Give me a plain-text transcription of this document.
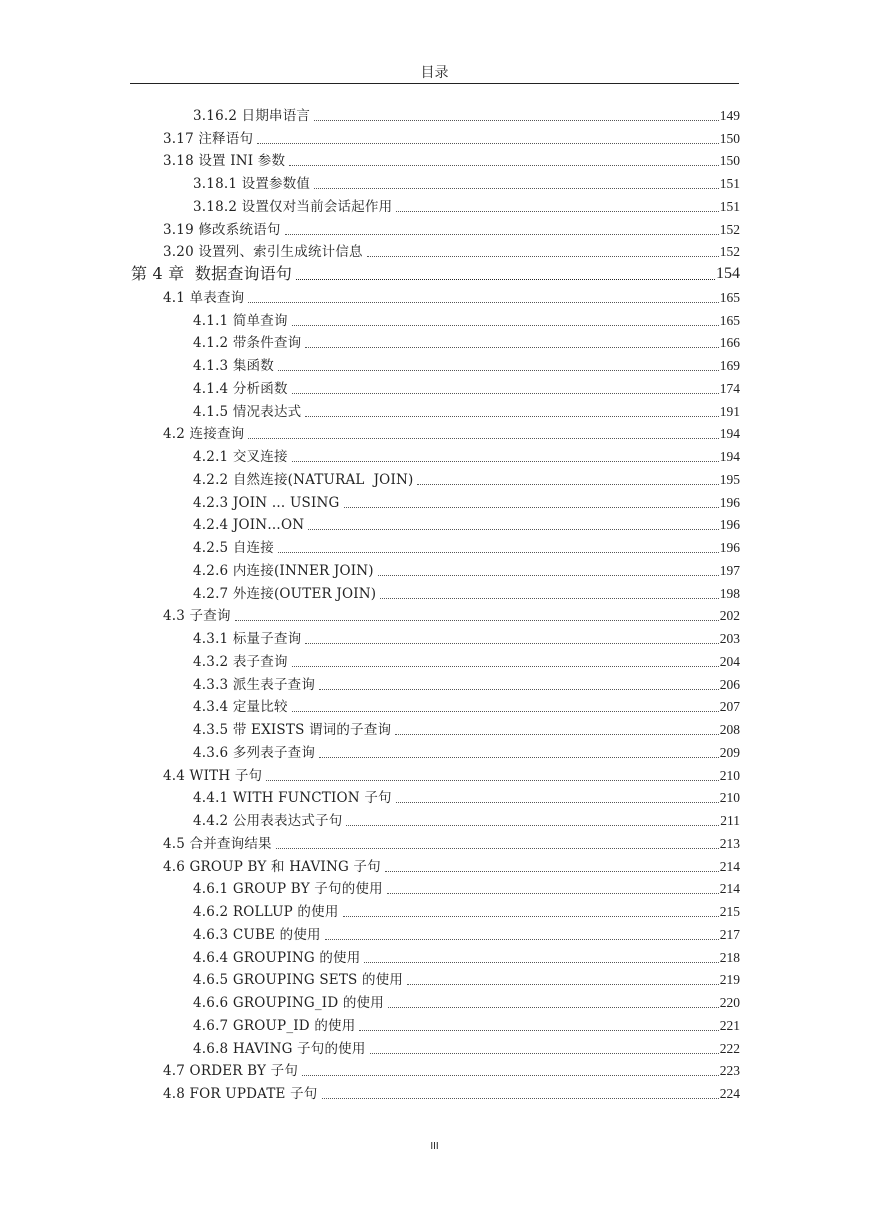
目录
3.16.2 日期串语言	149
3.17 注释语句	150
3.18 设置 INI 参数	150
3.18.1 设置参数值	151
3.18.2 设置仅对当前会话起作用	151
3.19 修改系统语句	152
3.20 设置列、索引生成统计信息	152
第 4 章  数据查询语句	154
4.1 单表查询	165
4.1.1 简单查询	165
4.1.2 带条件查询	166
4.1.3 集函数	169
4.1.4 分析函数	174
4.1.5 情况表达式	191
4.2 连接查询	194
4.2.1 交叉连接	194
4.2.2 自然连接(NATURAL  JOIN)	195
4.2.3 JOIN … USING	196
4.2.4 JOIN…ON	196
4.2.5 自连接	196
4.2.6 内连接(INNER JOIN)	197
4.2.7 外连接(OUTER JOIN)	198
4.3 子查询	202
4.3.1 标量子查询	203
4.3.2 表子查询	204
4.3.3 派生表子查询	206
4.3.4 定量比较	207
4.3.5 带 EXISTS 谓词的子查询	208
4.3.6 多列表子查询	209
4.4 WITH 子句	210
4.4.1 WITH FUNCTION 子句	210
4.4.2 公用表表达式子句	211
4.5 合并查询结果	213
4.6 GROUP BY 和 HAVING 子句	214
4.6.1 GROUP BY 子句的使用	214
4.6.2 ROLLUP 的使用	215
4.6.3 CUBE 的使用	217
4.6.4 GROUPING 的使用	218
4.6.5 GROUPING SETS 的使用	219
4.6.6 GROUPING_ID 的使用	220
4.6.7 GROUP_ID 的使用	221
4.6.8 HAVING 子句的使用	222
4.7 ORDER BY 子句	223
4.8 FOR UPDATE 子句	224
III
